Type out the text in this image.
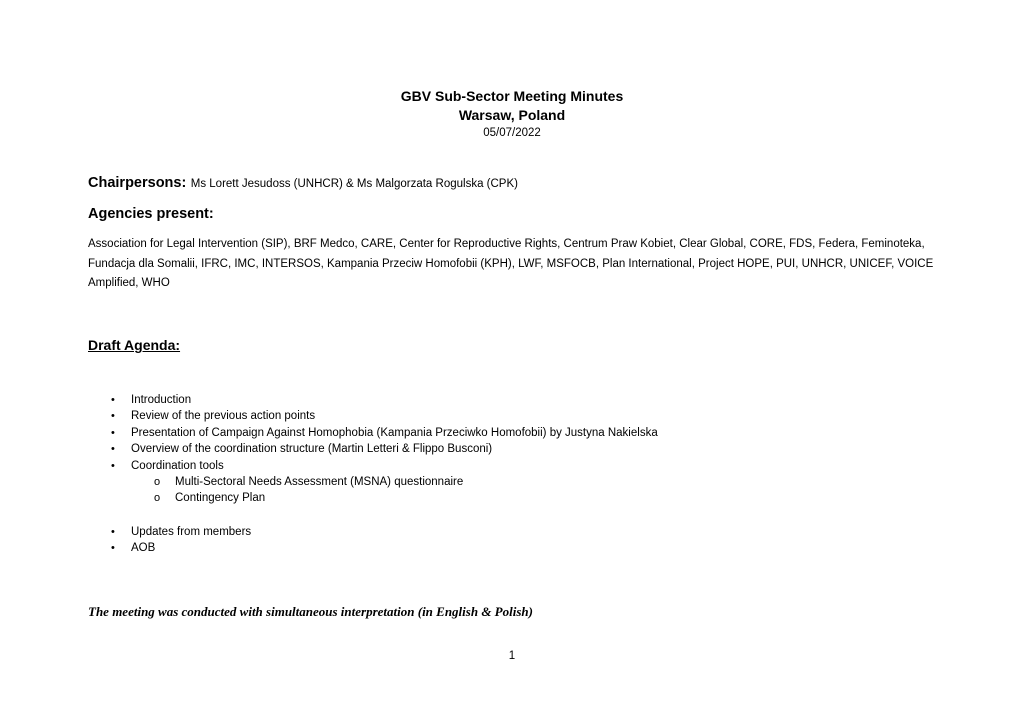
GBV Sub-Sector Meeting Minutes
Warsaw, Poland
05/07/2022
Chairpersons: Ms Lorett Jesudoss (UNHCR) & Ms Malgorzata Rogulska (CPK)
Agencies present:
Association for Legal Intervention (SIP), BRF Medco, CARE, Center for Reproductive Rights, Centrum Praw Kobiet, Clear Global, CORE, FDS, Federa, Feminoteka, Fundacja dla Somalii, IFRC, IMC, INTERSOS, Kampania Przeciw Homofobii (KPH), LWF, MSFOCB, Plan International, Project HOPE, PUI, UNHCR, UNICEF, VOICE Amplified, WHO
Draft Agenda:
• Introduction
• Review of the previous action points
• Presentation of Campaign Against Homophobia (Kampania Przeciwko Homofobii) by Justyna Nakielska
• Overview of the coordination structure (Martin Letteri & Flippo Busconi)
• Coordination tools
o Multi-Sectoral Needs Assessment (MSNA) questionnaire
o Contingency Plan
• Updates from members
• AOB
The meeting was conducted with simultaneous interpretation (in English & Polish)
1
